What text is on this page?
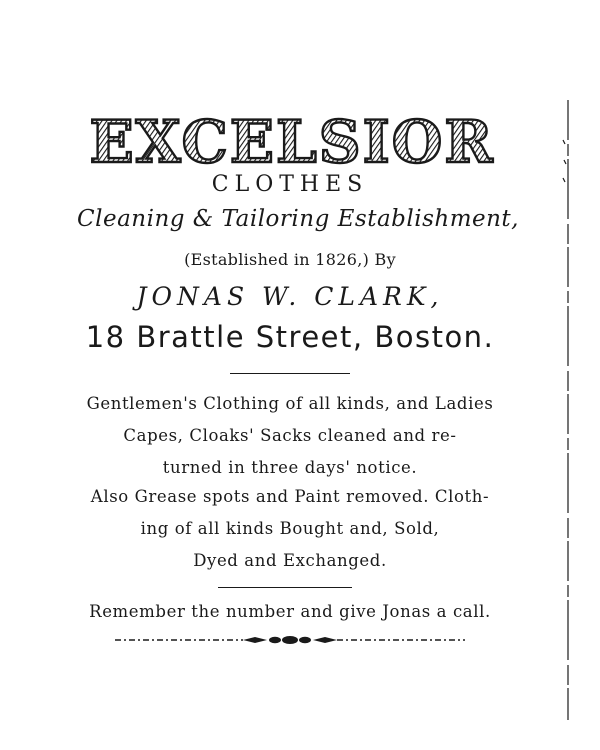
EXCELSIOR
CLOTHES
Cleaning & Tailoring Establishment,
(Established in 1826,) By
JONAS W. CLARK,
18 Brattle Street, Boston.
Gentlemen's Clothing of all kinds, and Ladies
Capes, Cloaks' Sacks cleaned and re-
turned in three days' notice.
Also Grease spots and Paint removed. Cloth-
ing of all kinds Bought and, Sold,
Dyed and Exchanged.
Remember the number and give Jonas a call.
